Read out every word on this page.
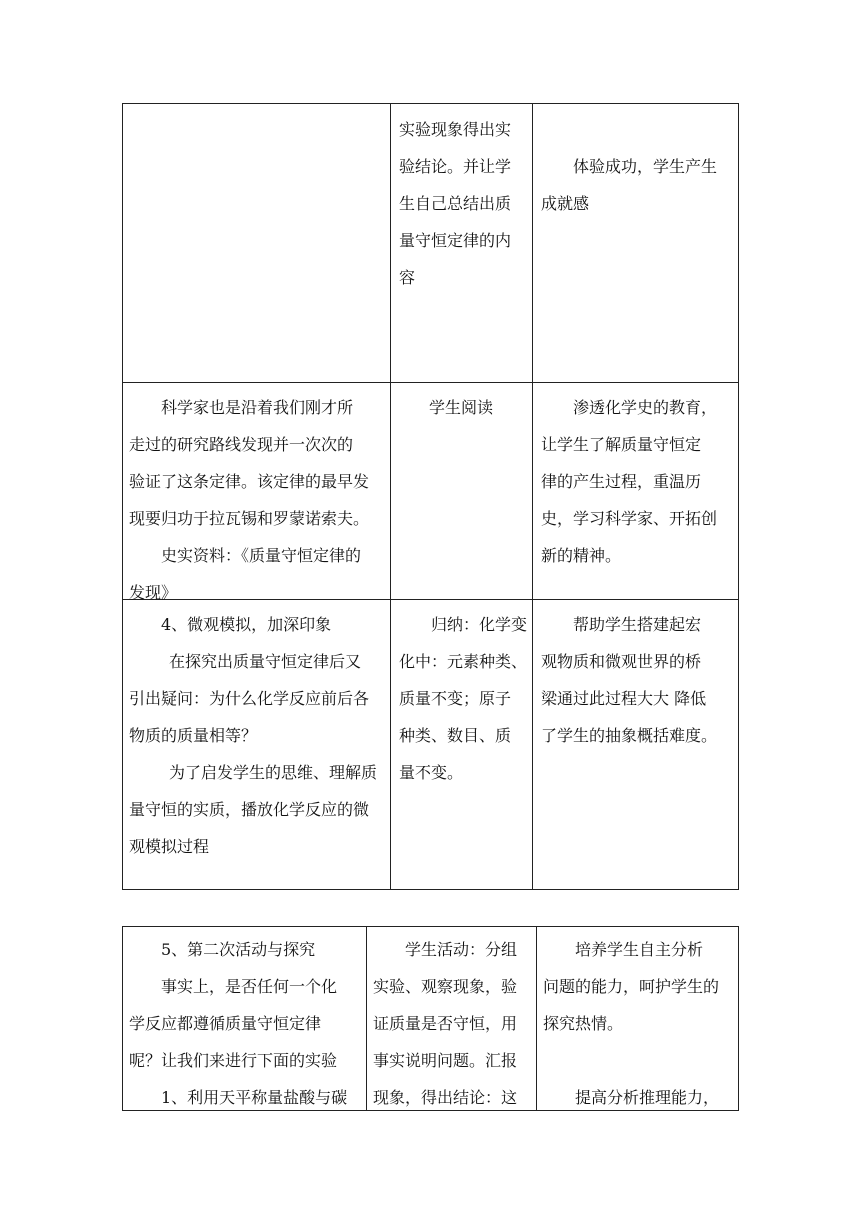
实验现象得出实

验结论。并让学

生自己总结出质

量守恒定律的内

容

体验成功，学生产生

成就感

科学家也是沿着我们刚才所

走过的研究路线发现并一次次的

验证了这条定律。该定律的最早发

现要归功于拉瓦锡和罗蒙诺索夫。

史实资料：《质量守恒定律的

发现》

学生阅读	渗透化学史的教育，

让学生了解质量守恒定

律的产生过程，重温历

史，学习科学家、开拓创

新的精神。

4、微观模拟，加深印象

在探究出质量守恒定律后又

引出疑问：为什么化学反应前后各

物质的质量相等？

为了启发学生的思维、理解质

量守恒的实质，播放化学反应的微

观模拟过程

归纳：化学变

化中：元素种类、

质量不变；原子

种类、数目、质

量不变。

帮助学生搭建起宏

观物质和微观世界的桥

梁通过此过程大大 降低

了学生的抽象概括难度。

5、第二次活动与探究

事实上，是否任何一个化

学反应都遵循质量守恒定律

呢？让我们来进行下面的实验

1、利用天平称量盐酸与碳

学生活动：分组

实验、观察现象，验

证质量是否守恒，用

事实说明问题。汇报

现象，得出结论：这

培养学生自主分析

问题的能力，呵护学生的

探究热情。

提高分析推理能力，
